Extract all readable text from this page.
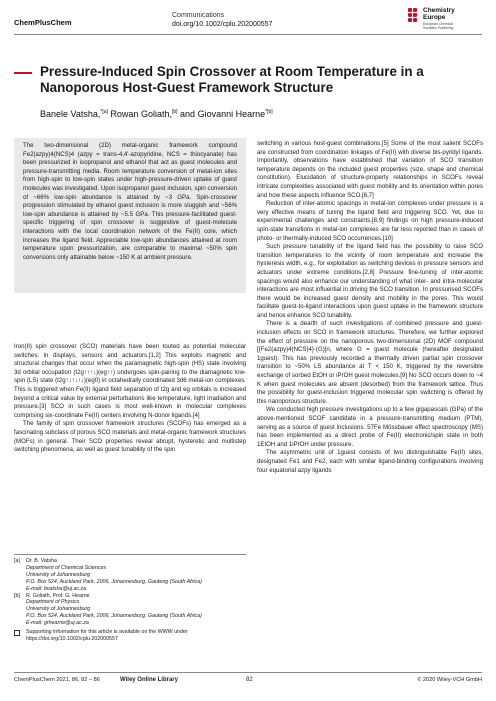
ChemPlusChem
Communications
doi.org/10.1002/cplu.202000557
Chemistry
Europe
European Chemical
Societies Publishing
Pressure-Induced Spin Crossover at Room Temperature in a Nanoporous Host-Guest Framework Structure
Banele Vatsha,$^{*[a]}$ Rowan Goliath,[b] and Giovanni Hearne$^{*[b]}$
The two-dimensional (2D) metal-organic framework compound Fe2(azpy)4(NCS)4 (azpy = trans-4,4'-azopyridine, NCS = thiocyanate) has been pressurized in isopropanol and ethanol that act as guest molecules and pressure-transmitting media. Room temperature conversion of metal-ion sites from high-spin to low-spin states under high-pressure-driven uptake of guest molecules was investigated. Upon isopropanol guest inclusion, spin conversion of ~66% low-spin abundance is attained by ~3 GPa. Spin-crossover progression stimulated by ethanol guest inclusion is more sluggish and ~56% low-spin abundance is attained by ~5.5 GPa. This pressure-facilitated guest-specific triggering of spin crossover is suggestive of guest-molecule interactions with the local coordination network of the Fe(II) core, which increases the ligand field. Appreciable low-spin abundances attained at room temperature upon pressurization, are comparable to maximal ~50% spin conversions only attainable below ~150 K at ambient pressure.

Iron(II) spin crossover (SCO) materials have been touted as potential molecular switches: in displays, sensors and actuators.[1,2] This exploits magnetic and structural changes that occur when the paramagnetic high-spin (HS) state involving 3d orbital occupation (t2g↑↑↑↓)(eg↑↑) undergoes spin-pairing to the diamagnetic low-spin (LS) state (t2g↑↓↑↓↑↓)(eg0) in octahedrally coordinated 3d6 metal-ion complexes. This is triggered when Fe(II) ligand field separation of t2g and eg orbitals is increased beyond a critical value by external perturbations like temperature, light irradiation and pressure.[3] SCO in such cases is most well-known in molecular complexes comprising six-coordinate Fe(II) centers involving N-donor ligands.[4]

The family of spin crossover framework structures (SCOFs) has emerged as a fascinating subclass of porous SCO materials and metal-organic framework structures (MOFs) in general. Their SCO properties reveal abrupt, hysteretic and multistep switching phenomena, as well as guest tunability of the spin

switching in various host-guest combinations.[5] Some of the most salient SCOFs are constructed from coordination linkages of Fe(II) with diverse bis-pyridyl ligands. Importantly, observations have established that variation of SCO transition temperature depends on the included guest properties (size, shape and chemical constitution). Elucidation of structure-property relationships in SCOFs reveal intricate complexities associated with guest mobility and its orientation within pores and how these aspects influence SCO.[6,7]

Reduction of inter-atomic spacings in metal-ion complexes under pressure is a very effective means of tuning the ligand field and triggering SCO. Yet, due to experimental challenges and constraints,[8,9] findings on high pressure-induced spin-state transitions in metal-ion complexes are far less reported than in cases of photo- or thermally-induced SCO occurrences.[10]

Such pressure tunability of the ligand field has the possibility to raise SCO transition temperatures to the vicinity of room temperature and increase the hysteresis width, e.g., for exploitation as switching devices in pressure sensors and actuators under extreme conditions.[2,8] Pressure fine-tuning of inter-atomic spacings would also enhance our understanding of what inter- and intra-molecular interactions are most influential in driving the SCO transition. In pressurised SCOFs there would be increased guest density and mobility in the pores. This would facilitate guest-to-ligand interactions upon guest uptake in the framework structure and hence enhance SCO tunability.

There is a dearth of such investigations of combined pressure and guest-inclusion effects on SCO in framework structures. Therefore, we further explored the effect of pressure on the nanoporous two-dimensional (2D) MOF compound [{Fe2(azpy)4(NCS)4}·(G)]n, where G = guest molecule (hereafter designated 1guest). This has previously recorded a thermally driven partial spin crossover transition to ~50% LS abundance at T < 150 K, triggered by the reversible exchange of sorbed EtOH or iPrOH guest molecules.[9] No SCO occurs down to ~4 K when guest molecules are absent (desorbed) from the framework lattice. Thus the possibility for guest-inclusion triggered molecular spin switching is offered by this nanoporous structure.

We conducted high pressure investigations up to a few gigapascals (GPa) of the above-mentioned SCOF candidate in a pressure-transmitting medium (PTM), serving as a source of guest inclusions. 57Fe Mössbauer effect spectroscopy (MS) has been implemented as a direct probe of Fe(II) electronic/spin state in both 1EtOH and 1iPrOH under pressure.

The asymmetric unit of 1guest consists of two distinguishable Fe(II) sites, designated Fe1 and Fe2, each with similar ligand-binding configurations involving four equatorial azpy ligands

[a]	Dr. B. Vatsha
Department of Chemical Sciences
University of Johannesburg
P.O. Box 524, Auckland Park, 2006, Johannesburg, Gauteng (South Africa)
E-mail: bvatsha@uj.ac.za
[b]	R. Goliath, Prof. G. Hearne
Department of Physics
University of Johannesburg
P.O. Box 524, Auckland Park, 2006, Johannesburg, Gauteng (South Africa)
E-mail: grhearne@uj.ac.za
Supporting information for this article is available on the WWW under https://doi.org/10.1002/cplu.202000557
ChemPlusChem 2021, 86, 82 – 86	Wiley Online Library	82	© 2020 Wiley-VCH GmbH
